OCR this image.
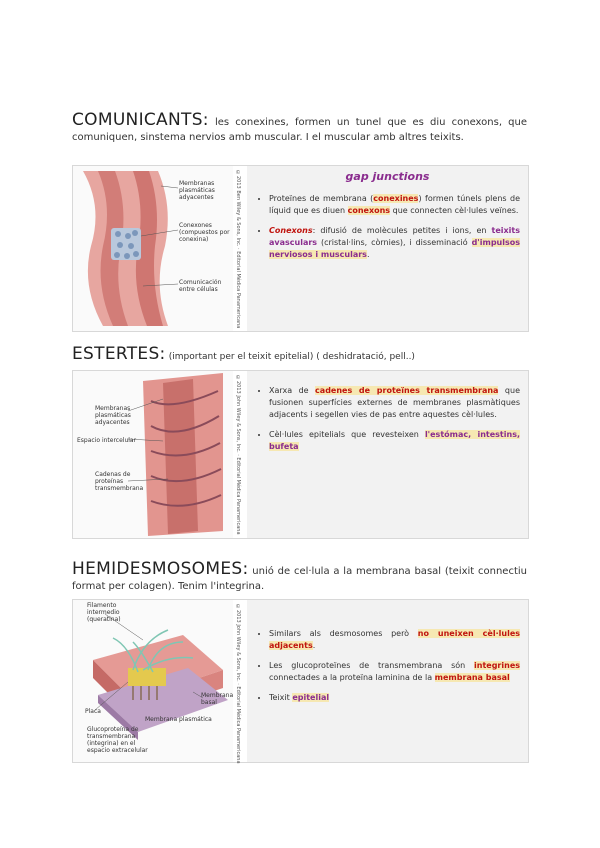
COMUNICANTS: les conexines, formen un tunel que es diu conexons, que comuniquen, sinstema nervios amb muscular. I el muscular amb altres teixits.
Membranas plasmáticas adyacentes
Conexones (compuestos por conexina)
Comunicación entre células	©2013 Ben Wiley & Sons, Inc. · Editorial Médica Panamericana	gap junctions
• Proteïnes de membrana (conexines) formen túnels plens de líquid que es diuen conexons que connecten cèl·lules veïnes.
• Conexons: difusió de molècules petites i ions, en teixits avasculars (cristal·lins, còrnies), i disseminació d'impulsos nerviosos i musculars.
ESTERTES: (important per el teixit epitelial) ( deshidratació, pell..)
Membranas plasmáticas adyacentes
Espacio intercelular
Cadenas de proteínas transmembrana	©2013 John Wiley & Sons, Inc. · Editorial Médica Panamericana	• Xarxa de cadenes de proteïnes transmembrana que fusionen superfícies externes de membranes plasmàtiques adjacents i segellen vies de pas entre aquestes cèl·lules.
• Cèl·lules epitelials que revesteixen l'estómac, intestins, bufeta
HEMIDESMOSOMES: unió de cel·lula a la membrana basal (teixit connectiu format per colagen). Tenim l'integrina.
Filamento intermedio (queratina)
Membrana basal
Placa
Membrana plasmática
Glucoproteína de transmembrana (integrina) en el espacio extracelular	©2013 John Wiley & Sons, Inc. · Editorial Médica Panamericana	• Similars als desmosomes però no uneixen cèl·lules adjacents.
• Les glucoproteïnes de transmembrana són integrines connectades a la proteïna laminina de la membrana basal
• Teixit epitelial
